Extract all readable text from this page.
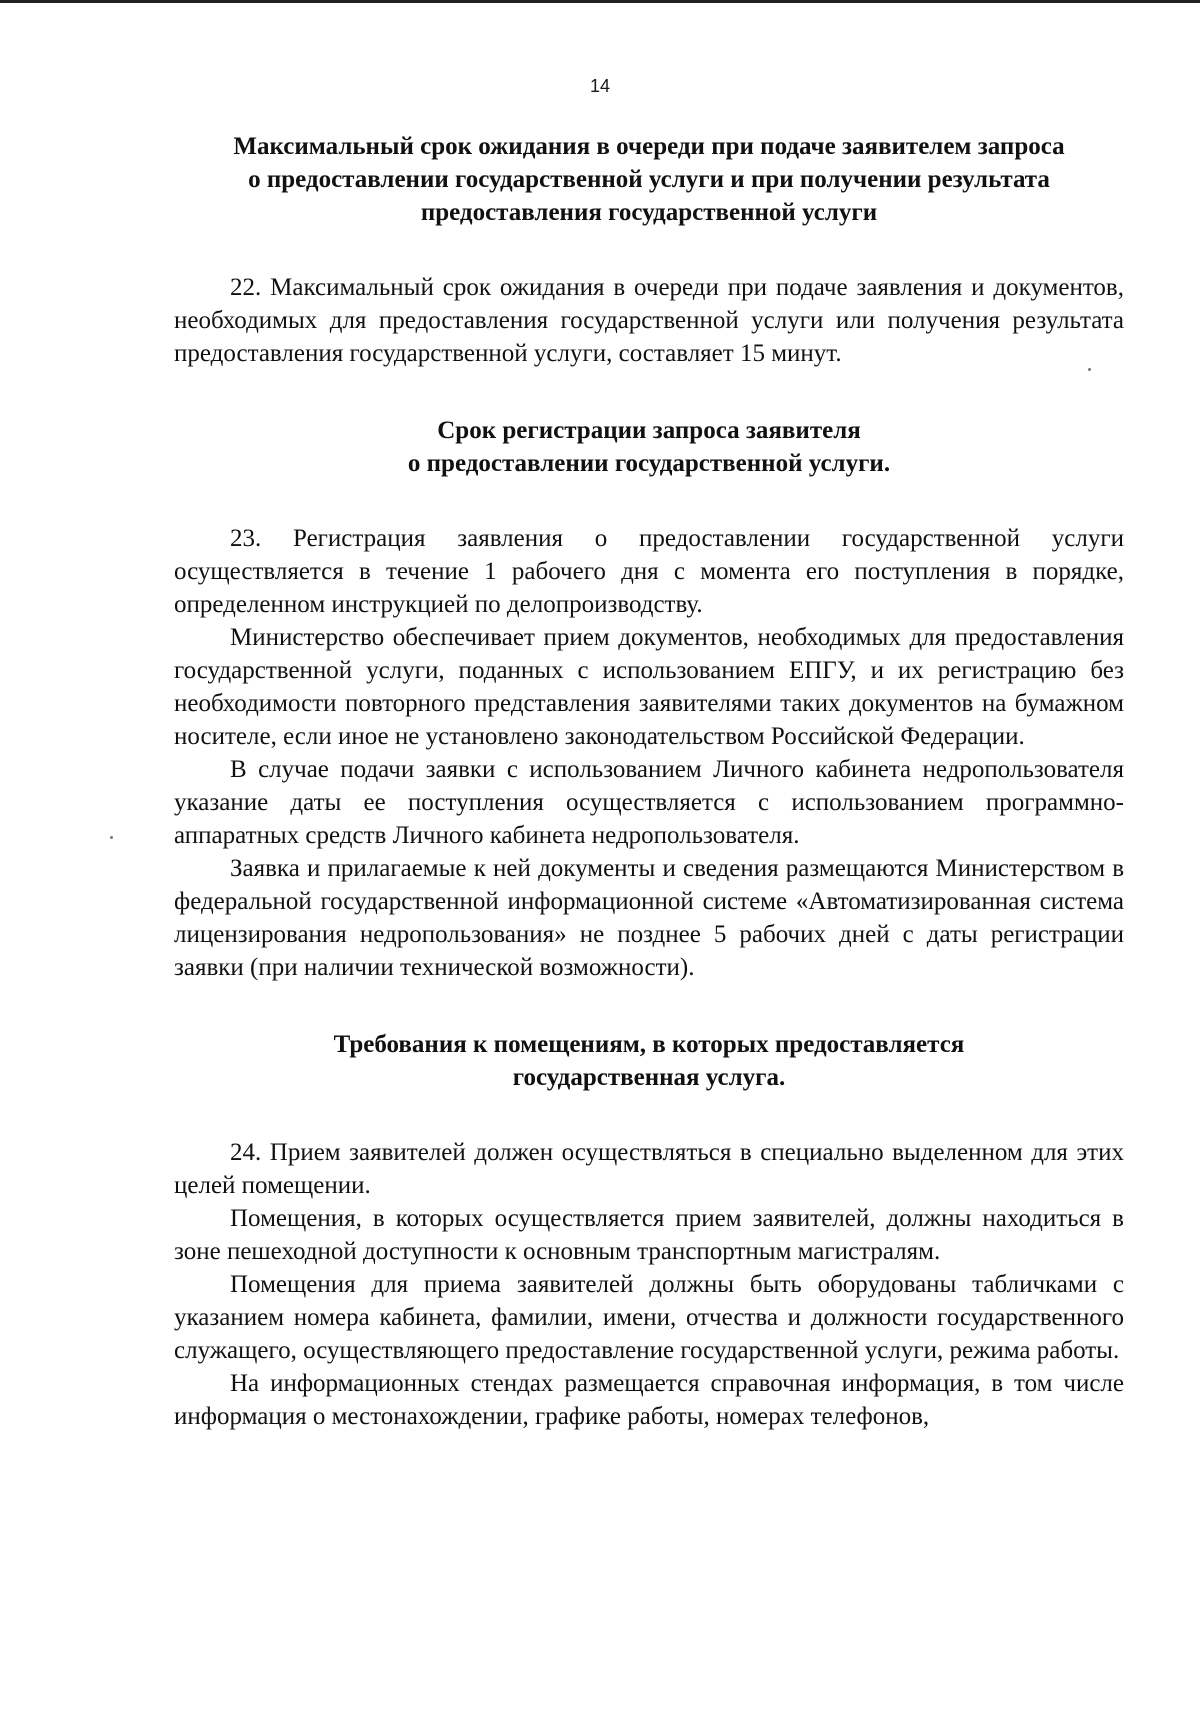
14
Максимальный срок ожидания в очереди при подаче заявителем запроса
о предоставлении государственной услуги и при получении результата
предоставления государственной услуги

22. Максимальный срок ожидания в очереди при подаче заявления и документов, необходимых для предоставления государственной услуги или получения результата предоставления государственной услуги, составляет 15 минут.

Срок регистрации запроса заявителя
о предоставлении государственной услуги.

23. Регистрация заявления о предоставлении государственной услуги осуществляется в течение 1 рабочего дня с момента его поступления в порядке, определенном инструкцией по делопроизводству.

Министерство обеспечивает прием документов, необходимых для предоставления государственной услуги, поданных с использованием ЕПГУ, и их регистрацию без необходимости повторного представления заявителями таких документов на бумажном носителе, если иное не установлено законодательством Российской Федерации.

В случае подачи заявки с использованием Личного кабинета недропользователя указание даты ее поступления осуществляется с использованием программно-аппаратных средств Личного кабинета недропользователя.

Заявка и прилагаемые к ней документы и сведения размещаются Министерством в федеральной государственной информационной системе «Автоматизированная система лицензирования недропользования» не позднее 5 рабочих дней с даты регистрации заявки (при наличии технической возможности).

Требования к помещениям, в которых предоставляется
государственная услуга.

24. Прием заявителей должен осуществляться в специально выделенном для этих целей помещении.

Помещения, в которых осуществляется прием заявителей, должны находиться в зоне пешеходной доступности к основным транспортным магистралям.

Помещения для приема заявителей должны быть оборудованы табличками с указанием номера кабинета, фамилии, имени, отчества и должности государственного служащего, осуществляющего предоставление государственной услуги, режима работы.

На информационных стендах размещается справочная информация, в том числе информация о местонахождении, графике работы, номерах телефонов,
